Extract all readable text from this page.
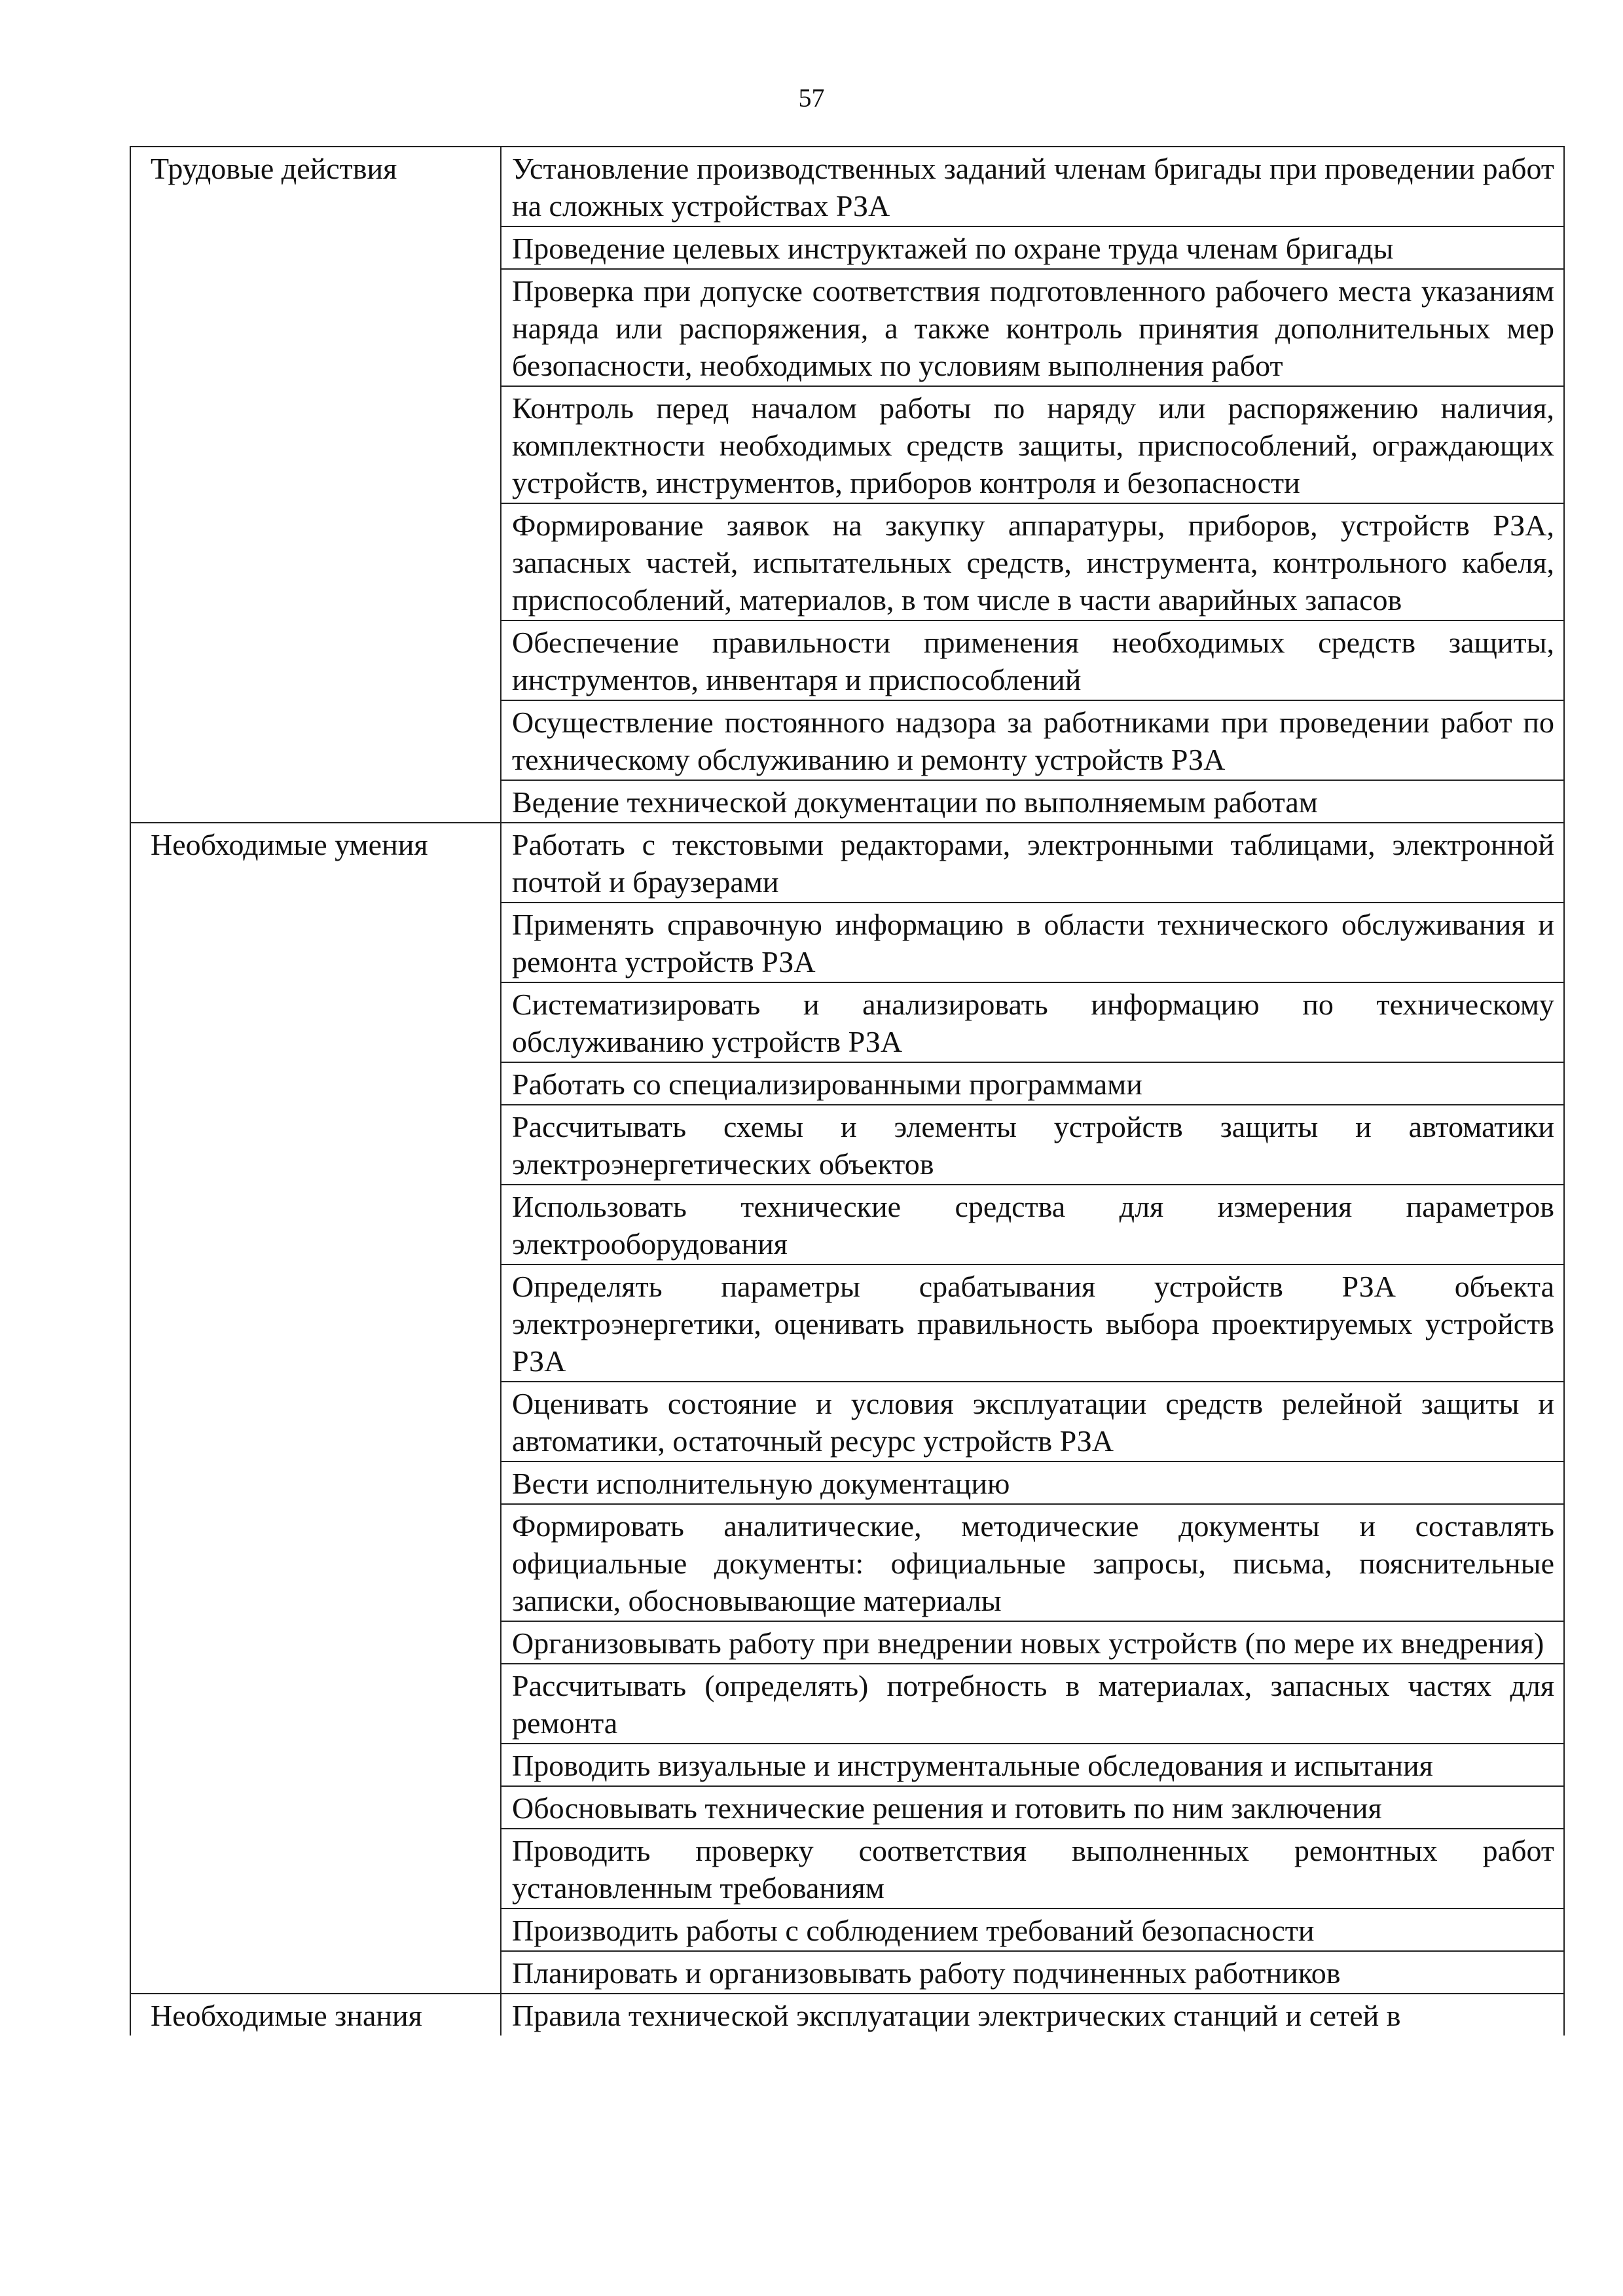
57
Трудовые действия	Установление производственных заданий членам бригады при проведении работ на сложных устройствах РЗА
	Проведение целевых инструктажей по охране труда членам бригады
	Проверка при допуске соответствия подготовленного рабочего места указаниям наряда или распоряжения, а также контроль принятия дополнительных мер безопасности, необходимых по условиям выполнения работ
	Контроль перед началом работы по наряду или распоряжению наличия, комплектности необходимых средств защиты, приспособлений, ограждающих устройств, инструментов, приборов контроля и безопасности
	Формирование заявок на закупку аппаратуры, приборов, устройств РЗА, запасных частей, испытательных средств, инструмента, контрольного кабеля, приспособлений, материалов, в том числе в части аварийных запасов
	Обеспечение правильности применения необходимых средств защиты, инструментов, инвентаря и приспособлений
	Осуществление постоянного надзора за работниками при проведении работ по техническому обслуживанию и ремонту устройств РЗА
	Ведение технической документации по выполняемым работам
Необходимые умения	Работать с текстовыми редакторами, электронными таблицами, электронной почтой и браузерами
	Применять справочную информацию в области технического обслуживания и ремонта устройств РЗА
	Систематизировать и анализировать информацию по техническому обслуживанию устройств РЗА
	Работать со специализированными программами
	Рассчитывать схемы и элементы устройств защиты и автоматики электроэнергетических объектов
	Использовать технические средства для измерения параметров электрооборудования
	Определять параметры срабатывания устройств РЗА объекта электроэнергетики, оценивать правильность выбора проектируемых устройств РЗА
	Оценивать состояние и условия эксплуатации средств релейной защиты и автоматики, остаточный ресурс устройств РЗА
	Вести исполнительную документацию
	Формировать аналитические, методические документы и составлять официальные документы: официальные запросы, письма, пояснительные записки, обосновывающие материалы
	Организовывать работу при внедрении новых устройств (по мере их внедрения)
	Рассчитывать (определять) потребность в материалах, запасных частях для ремонта
	Проводить визуальные и инструментальные обследования и испытания
	Обосновывать технические решения и готовить по ним заключения
	Проводить проверку соответствия выполненных ремонтных работ установленным требованиям
	Производить работы с соблюдением требований безопасности
	Планировать и организовывать работу подчиненных работников
Необходимые знания	Правила технической эксплуатации электрических станций и сетей в
